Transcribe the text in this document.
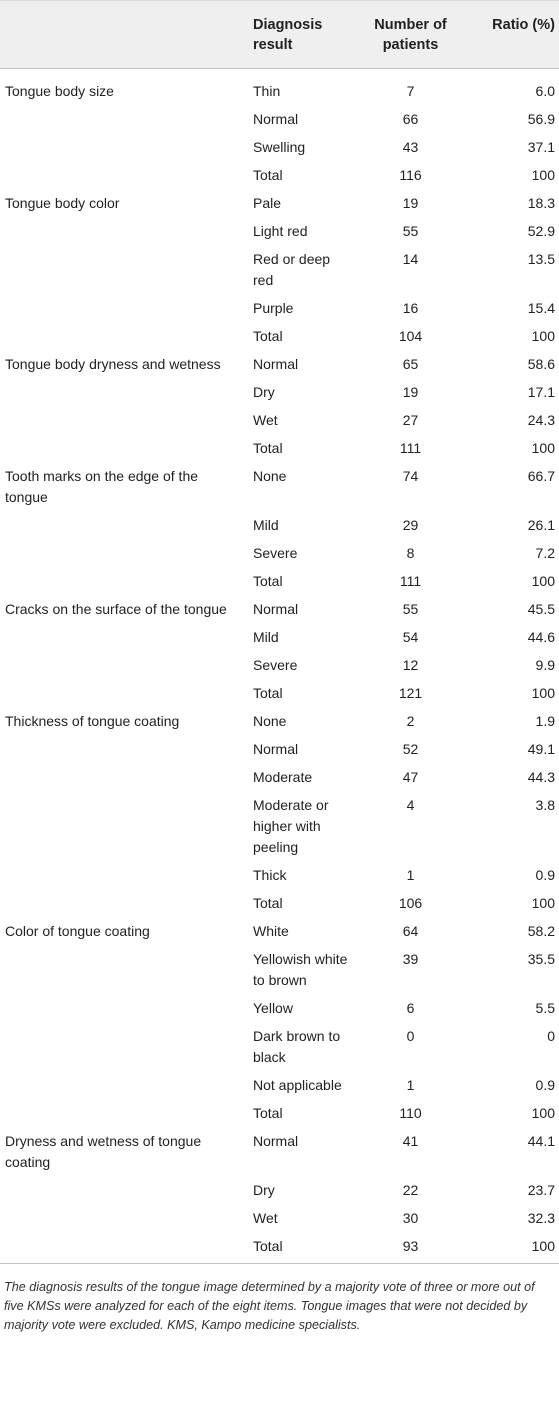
	Diagnosis result	Number of patients	Ratio (%)
Tongue body size	Thin	7	6.0
	Normal	66	56.9
	Swelling	43	37.1
	Total	116	100
Tongue body color	Pale	19	18.3
	Light red	55	52.9
	Red or deep red	14	13.5
	Purple	16	15.4
	Total	104	100
Tongue body dryness and wetness	Normal	65	58.6
	Dry	19	17.1
	Wet	27	24.3
	Total	111	100
Tooth marks on the edge of the tongue	None	74	66.7
	Mild	29	26.1
	Severe	8	7.2
	Total	111	100
Cracks on the surface of the tongue	Normal	55	45.5
	Mild	54	44.6
	Severe	12	9.9
	Total	121	100
Thickness of tongue coating	None	2	1.9
	Normal	52	49.1
	Moderate	47	44.3
	Moderate or higher with peeling	4	3.8
	Thick	1	0.9
	Total	106	100
Color of tongue coating	White	64	58.2
	Yellowish white to brown	39	35.5
	Yellow	6	5.5
	Dark brown to black	0	0
	Not applicable	1	0.9
	Total	110	100
Dryness and wetness of tongue coating	Normal	41	44.1
	Dry	22	23.7
	Wet	30	32.3
	Total	93	100
The diagnosis results of the tongue image determined by a majority vote of three or more out of five KMSs were analyzed for each of the eight items. Tongue images that were not decided by majority vote were excluded. KMS, Kampo medicine specialists.
